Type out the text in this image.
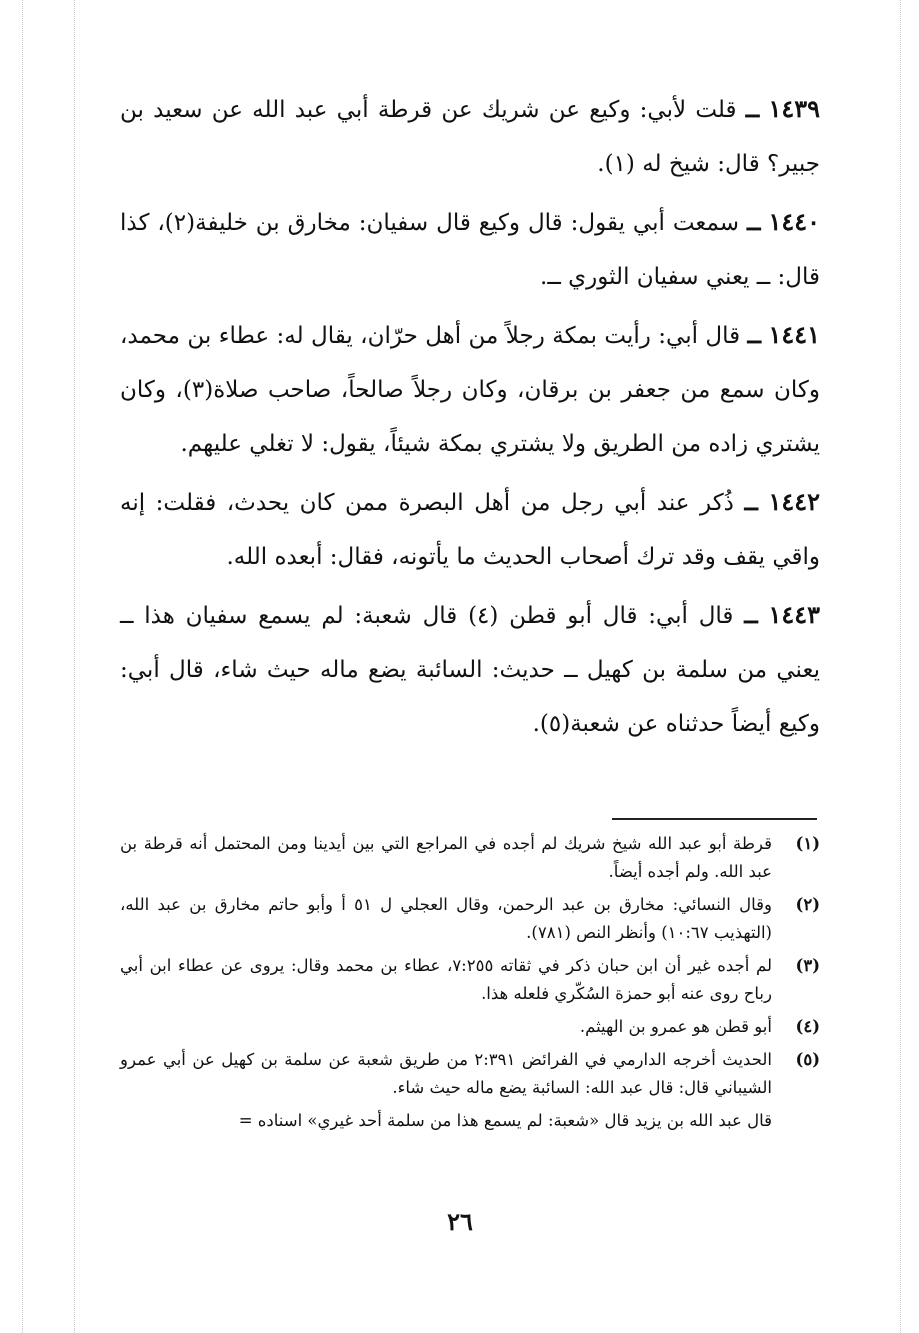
١٤٣٩ ــ قلت لأبي: وكيع عن شريك عن قرطة أبي عبد الله عن سعيد بن جبير؟ قال: شيخ له (١).

١٤٤٠ ــ سمعت أبي يقول: قال وكيع قال سفيان: مخارق بن خليفة(٢)، كذا قال: ــ يعني سفيان الثوري ــ.

١٤٤١ ــ قال أبي: رأيت بمكة رجلاً من أهل حرّان، يقال له: عطاء بن محمد، وكان سمع من جعفر بن برقان، وكان رجلاً صالحاً، صاحب صلاة(٣)، وكان يشتري زاده من الطريق ولا يشتري بمكة شيئاً، يقول: لا تغلي عليهم.

١٤٤٢ ــ ذُكر عند أبي رجل من أهل البصرة ممن كان يحدث، فقلت: إنه واقي يقف وقد ترك أصحاب الحديث ما يأتونه، فقال: أبعده الله.

١٤٤٣ ــ قال أبي: قال أبو قطن (٤) قال شعبة: لم يسمع سفيان هذا ــ يعني من سلمة بن كهيل ــ حديث: السائبة يضع ماله حيث شاء، قال أبي: وكيع أيضاً حدثناه عن شعبة(٥).

(١)
قرطة أبو عبد الله شيخ شريك لم أجده في المراجع التي بين أيدينا ومن المحتمل أنه قرطة بن عبد الله. ولم أجده أيضاً.

(٢)
وقال النسائي: مخارق بن عبد الرحمن، وقال العجلي ل ٥١ أ وأبو حاتم مخارق بن عبد الله، (التهذيب ١٠:٦٧) وأنظر النص (٧٨١).

(٣)
لم أجده غير أن ابن حبان ذكر في ثقاته ٧:٢٥٥، عطاء بن محمد وقال: يروى عن عطاء ابن أبي رباح روى عنه أبو حمزة السُكّري فلعله هذا.

(٤)
أبو قطن هو عمرو بن الهيثم.

(٥)
الحديث أخرجه الدارمي في الفرائض ٢:٣٩١ من طريق شعبة عن سلمة بن كهيل عن أبي عمرو الشيباني قال: قال عبد الله: السائبة يضع ماله حيث شاء.

قال عبد الله بن يزيد قال «شعبة: لم يسمع هذا من سلمة أحد غيري» اسناده =

٢٦
